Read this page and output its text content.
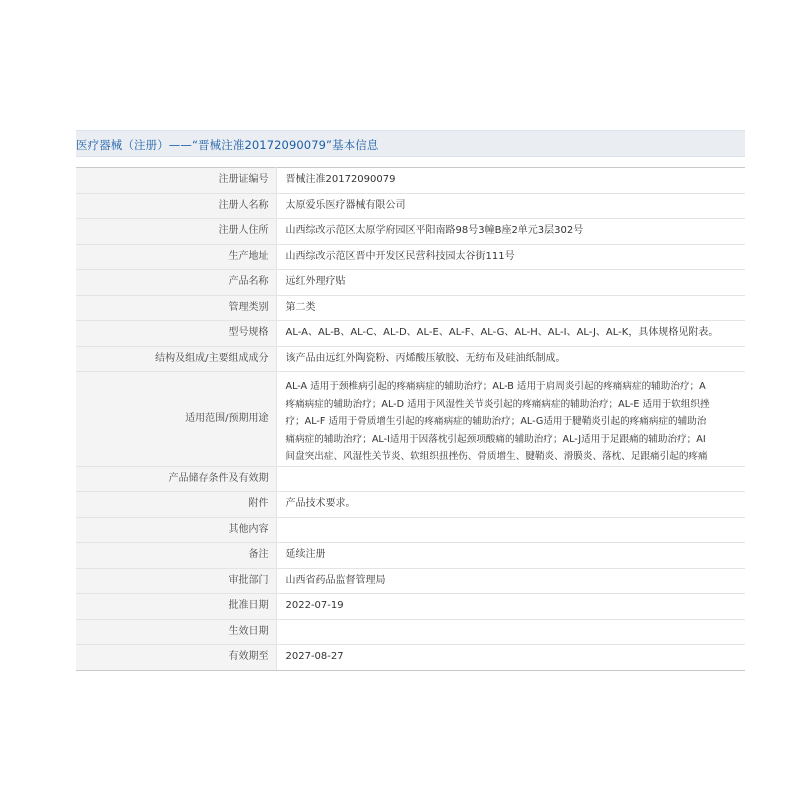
医疗器械（注册）——“晋械注准20172090079”基本信息
注册证编号	晋械注准20172090079
注册人名称	太原爱乐医疗器械有限公司
注册人住所	山西综改示范区太原学府园区平阳南路98号3幢B座2单元3层302号
生产地址	山西综改示范区晋中开发区民营科技园太谷街111号
产品名称	远红外理疗贴
管理类别	第二类
型号规格	AL-A、AL-B、AL-C、AL-D、AL-E、AL-F、AL-G、AL-H、AL-I、AL-J、AL-K，具体规格见附表。
结构及组成/主要组成成分	该产品由远红外陶瓷粉、丙烯酸压敏胶、无纺布及硅油纸制成。
适用范围/预期用途	AL-A 适用于颈椎病引起的疼痛病症的辅助治疗；AL-B 适用于肩周炎引起的疼痛病症的辅助治疗；A
疼痛病症的辅助治疗；AL-D 适用于风湿性关节炎引起的疼痛病症的辅助治疗；AL-E 适用于软组织挫
疗；AL-F 适用于骨质增生引起的疼痛病症的辅助治疗；AL-G适用于腱鞘炎引起的疼痛病症的辅助治
痛病症的辅助治疗；AL-I适用于因落枕引起颈项酸痛的辅助治疗；AL-J适用于足跟痛的辅助治疗；AI
间盘突出症、风湿性关节炎、软组织扭挫伤、骨质增生、腱鞘炎、滑膜炎、落枕、足跟痛引起的疼痛

产品储存条件及有效期	
附件	产品技术要求。
其他内容	
备注	延续注册
审批部门	山西省药品监督管理局
批准日期	2022-07-19
生效日期	
有效期至	2027-08-27
